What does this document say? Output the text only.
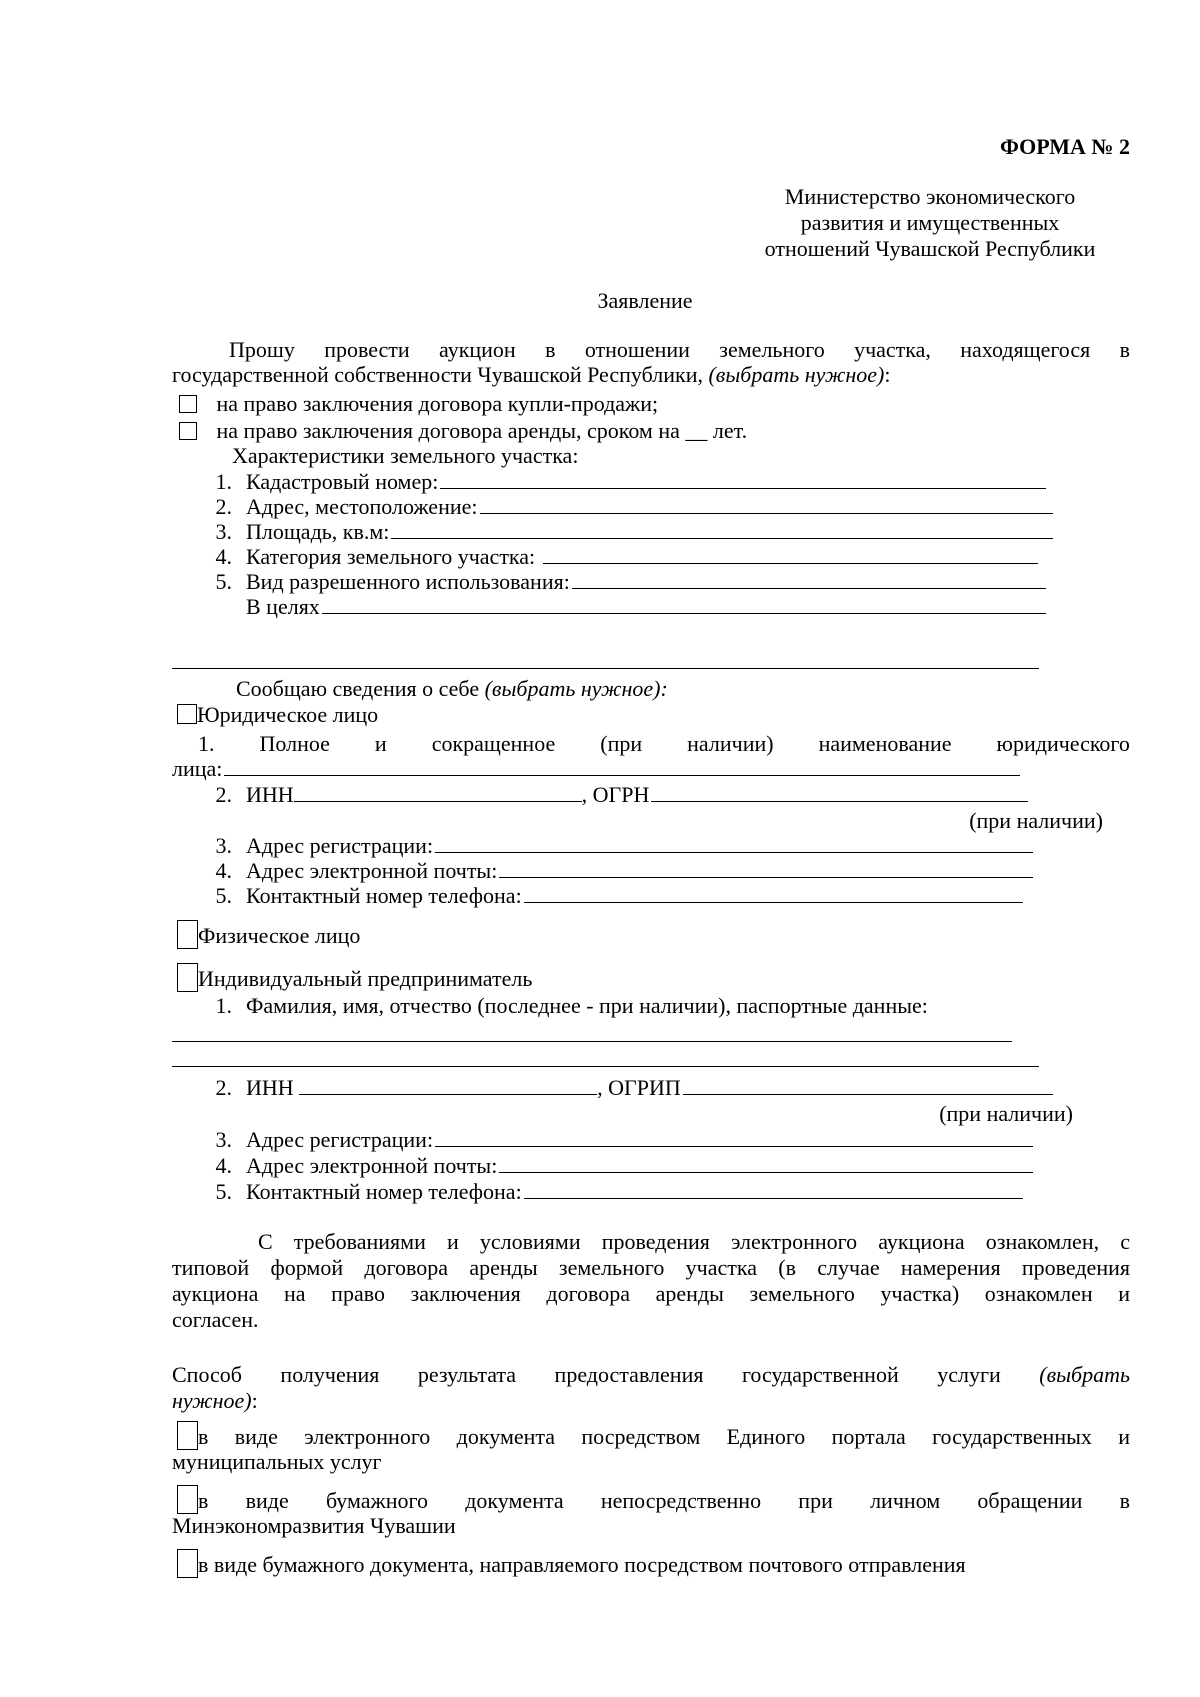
ФОРМА № 2
Министерство экономического
развития и имущественных
отношений Чувашской Республики
Заявление
Прошу провести аукцион в отношении земельного участка, находящегося в
государственной собственности Чувашской Республики, (выбрать нужное):
на право заключения договора купли-продажи;
на право заключения договора аренды, сроком на __ лет.
Характеристики земельного участка:
1. Кадастровый номер:
2. Адрес, местоположение:
3. Площадь, кв.м:
4. Категория земельного участка:
5. Вид разрешенного использования:
В целях
Сообщаю сведения о себе (выбрать нужное):
Юридическое лицо
1. Полное и сокращенное (при наличии) наименование юридического
лица:
2. ИНН	, ОГРН
(при наличии)
3. Адрес регистрации:
4. Адрес электронной почты:
5. Контактный номер телефона:
Физическое лицо
Индивидуальный предприниматель
1. Фамилия, имя, отчество (последнее - при наличии), паспортные данные:
2. ИНН	, ОГРИП
(при наличии)
3. Адрес регистрации:
4. Адрес электронной почты:
5. Контактный номер телефона:
С требованиями и условиями проведения электронного аукциона ознакомлен, с
типовой формой договора аренды земельного участка (в случае намерения проведения
аукциона на право заключения договора аренды земельного участка) ознакомлен и
согласен.
Способ получения результата предоставления государственной услуги (выбрать
нужное):
в виде электронного документа посредством Единого портала государственных и
муниципальных услуг
в виде бумажного документа непосредственно при личном обращении в
Минэкономразвития Чувашии
в виде бумажного документа, направляемого посредством почтового отправления
